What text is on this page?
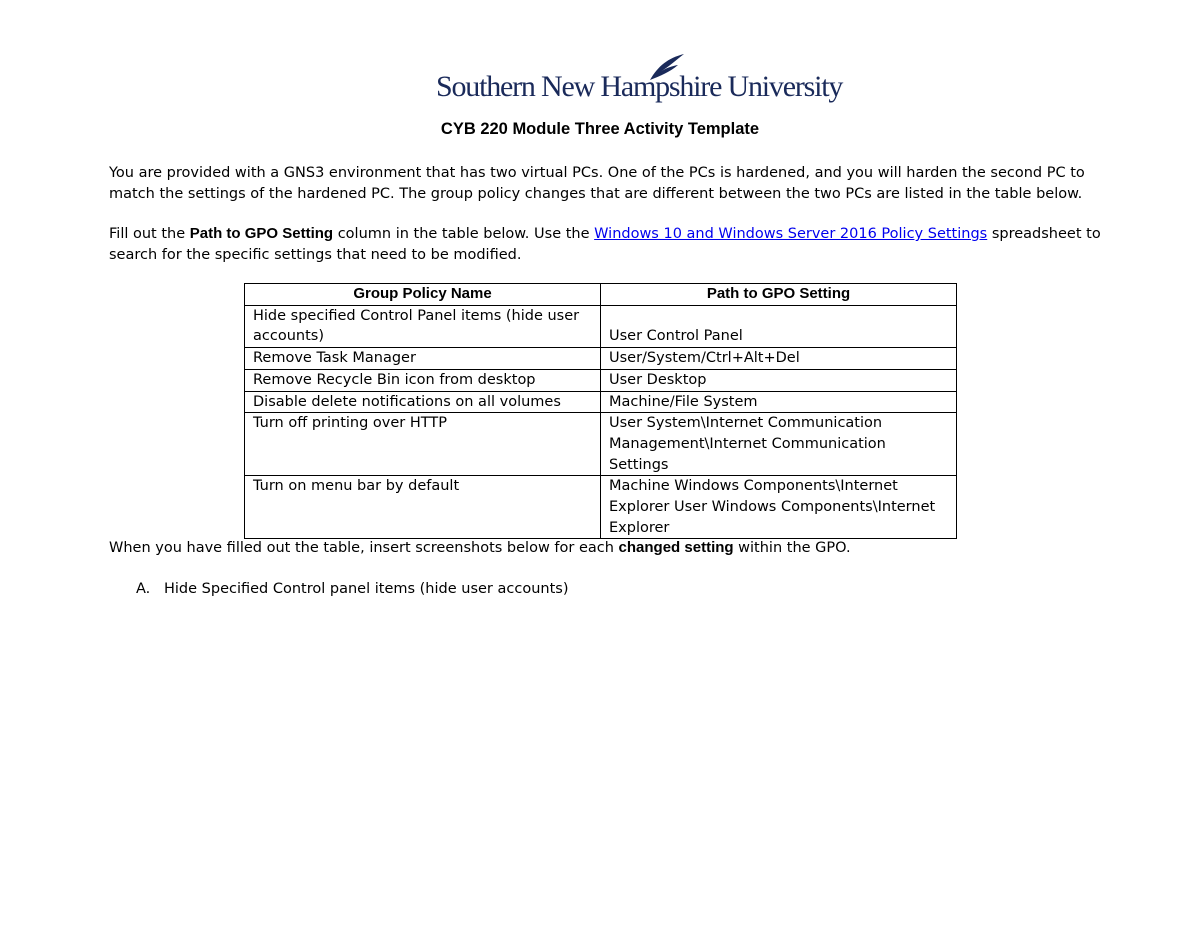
Southern New Hampshire University
CYB 220 Module Three Activity Template
You are provided with a GNS3 environment that has two virtual PCs. One of the PCs is hardened, and you will harden the second PC to match the settings of the hardened PC. The group policy changes that are different between the two PCs are listed in the table below.
Fill out the Path to GPO Setting column in the table below. Use the Windows 10 and Windows Server 2016 Policy Settings spreadsheet to search for the specific settings that need to be modified.
Group Policy Name	Path to GPO Setting
Hide specified Control Panel items (hide user accounts)	User Control Panel
Remove Task Manager	User/System/Ctrl+Alt+Del
Remove Recycle Bin icon from desktop	User Desktop
Disable delete notifications on all volumes	Machine/File System
Turn off printing over HTTP	User System\Internet Communication Management\Internet Communication Settings
Turn on menu bar by default	Machine Windows Components\Internet Explorer User Windows Components\Internet Explorer
When you have filled out the table, insert screenshots below for each changed setting within the GPO.
A. Hide Specified Control panel items (hide user accounts)
